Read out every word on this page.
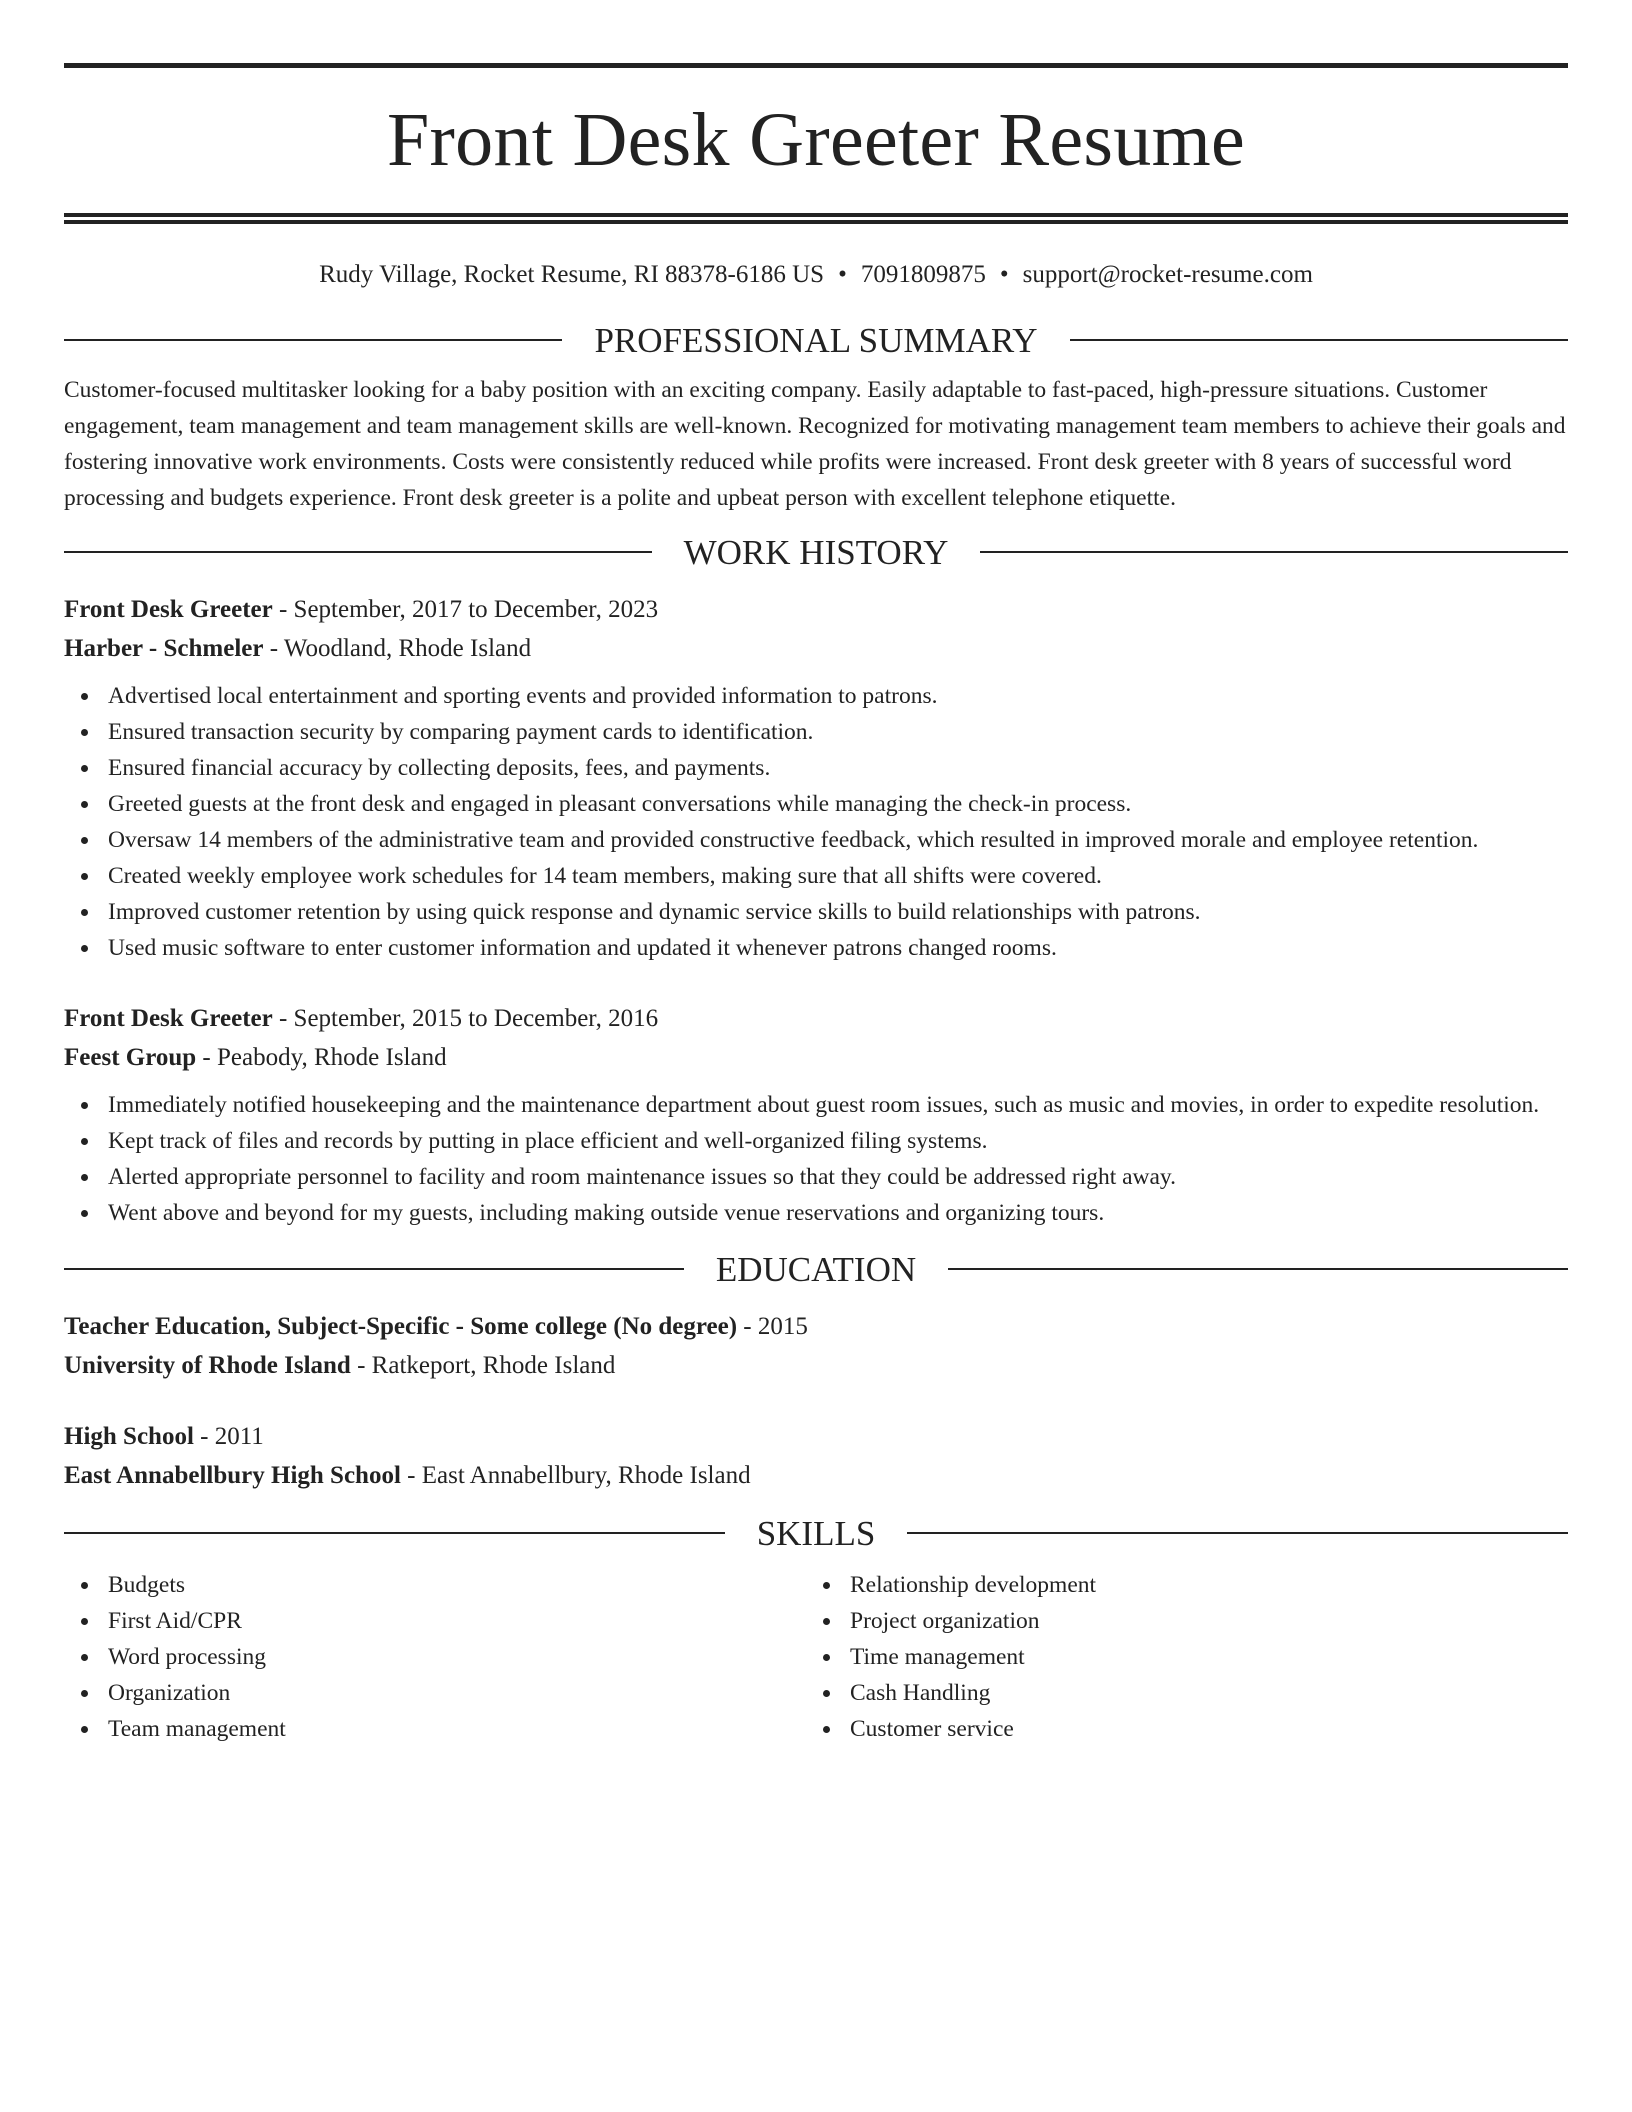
Front Desk Greeter Resume
Rudy Village, Rocket Resume, RI 88378-6186 US • 7091809875 • support@rocket-resume.com
PROFESSIONAL SUMMARY

Customer-focused multitasker looking for a baby position with an exciting company. Easily adaptable to fast-paced, high-pressure situations. Customer engagement, team management and team management skills are well-known. Recognized for motivating management team members to achieve their goals and fostering innovative work environments. Costs were consistently reduced while profits were increased. Front desk greeter with 8 years of successful word processing and budgets experience. Front desk greeter is a polite and upbeat person with excellent telephone etiquette.

WORK HISTORY
Front Desk Greeter - September, 2017 to December, 2023
Harber - Schmeler - Woodland, Rhode Island
Advertised local entertainment and sporting events and provided information to patrons.
Ensured transaction security by comparing payment cards to identification.
Ensured financial accuracy by collecting deposits, fees, and payments.
Greeted guests at the front desk and engaged in pleasant conversations while managing the check-in process.
Oversaw 14 members of the administrative team and provided constructive feedback, which resulted in improved morale and employee retention.
Created weekly employee work schedules for 14 team members, making sure that all shifts were covered.
Improved customer retention by using quick response and dynamic service skills to build relationships with patrons.
Used music software to enter customer information and updated it whenever patrons changed rooms.
Front Desk Greeter - September, 2015 to December, 2016
Feest Group - Peabody, Rhode Island
Immediately notified housekeeping and the maintenance department about guest room issues, such as music and movies, in order to expedite resolution.
Kept track of files and records by putting in place efficient and well-organized filing systems.
Alerted appropriate personnel to facility and room maintenance issues so that they could be addressed right away.
Went above and beyond for my guests, including making outside venue reservations and organizing tours.
EDUCATION
Teacher Education, Subject-Specific - Some college (No degree) - 2015
University of Rhode Island - Ratkeport, Rhode Island
High School - 2011
East Annabellbury High School - East Annabellbury, Rhode Island
SKILLS
Budgets
First Aid/CPR
Word processing
Organization
Team management
Relationship development
Project organization
Time management
Cash Handling
Customer service
